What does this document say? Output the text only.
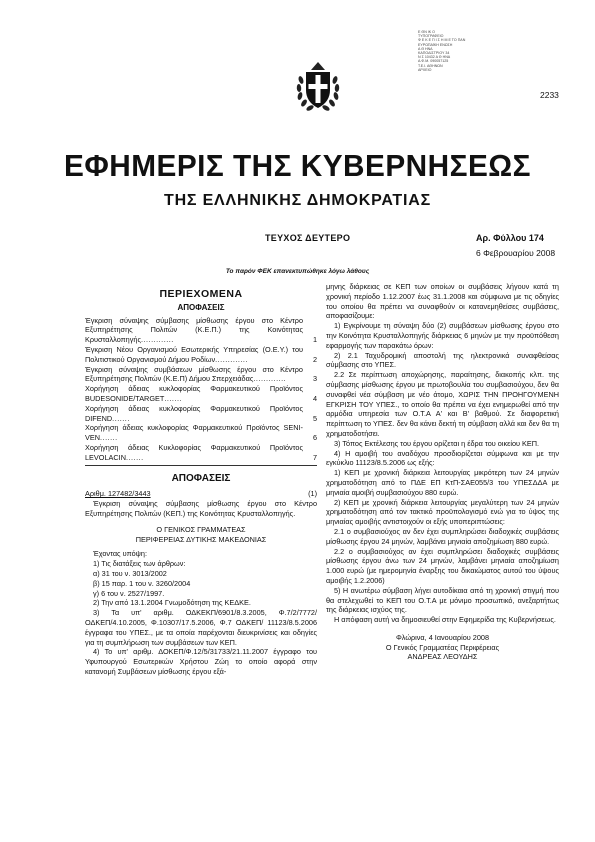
Ε ΘΝ ΙΚ Ο
ΤΥΠΟΓΡΑΦΕΙΟ
Φ Ε Κ Ε Π Ι Σ Η Μ Ε ΤΟ ΠΑΝ
ΕΥΡΩΠΑΪΚΗ ΕΝΩΣΗ
Α Θ ΗΝΑ
ΚΑΠΟΔΙΣΤΡΙΟΥ 34
Ν Σ 10432 Α Θ ΗΝΑ
Α.Φ.Μ. 090057125
Τ.Ε.Ι. ΑΘΗΝΩΝ
ΑΡΧΕΙΟ
2233
ΕΦΗΜΕΡΙΣ ΤΗΣ ΚΥΒΕΡΝΗΣΕΩΣ
ΤΗΣ ΕΛΛΗΝΙΚΗΣ ΔΗΜΟΚΡΑΤΙΑΣ
ΤΕΥΧΟΣ ΔΕΥΤΕΡΟ	Αρ. Φύλλου 174
6 Φεβρουαρίου 2008
Το παρόν ΦΕΚ επανεκτυπώθηκε λόγω λάθους
ΠΕΡΙΕΧΟΜΕΝΑ
ΑΠΟΦΑΣΕΙΣ
Έγκριση σύναψης σύμβασης μίσθωσης έργου στο Κέντρο Εξυπηρέτησης Πολιτών (Κ.Ε.Π.) της Κοινότητας Κρυσταλλοπηγής.............	1
Έγκριση Νέου Οργανισμού Εσωτερικής Υπηρεσίας (Ο.Ε.Υ.) του Πολιτιστικού Οργανισμού Δήμου Ροδίων.............	2
Έγκριση σύναψης συμβάσεων μίσθωσης έργου στο Κέντρο Εξυπηρέτησης Πολιτών (Κ.Ε.Π) Δήμου Σπερχειάδας.............	3
Χορήγηση άδειας κυκλοφορίας Φαρμακευτικού Προϊόντος BUDESONIDE/TARGET.......	4
Χορήγηση άδειας κυκλοφορίας Φαρμακευτικού Προϊόντος DIFEND.......	5
Χορήγηση άδειας κυκλοφορίας Φαρμακευτικού Προϊόντος SENI-VEN.......	6
Χορήγηση άδειας Κυκλοφορίας Φαρμακευτικού Προϊόντος LEVOLACIN.......	7
ΑΠΟΦΑΣΕΙΣ
Αριθμ. 127482/3443	(1)

Έγκριση σύναψης σύμβασης μίσθωσης έργου στο Κέντρο Εξυπηρέτησης Πολιτών (ΚΕΠ.) της Κοινότητας Κρυσταλλοπηγής.

Ο ΓΕΝΙΚΟΣ ΓΡΑΜΜΑΤΕΑΣ
ΠΕΡΙΦΕΡΕΙΑΣ ΔΥΤΙΚΗΣ ΜΑΚΕΔΟΝΙΑΣ

Έχοντας υπόψη:

1) Τις διατάξεις των άρθρων:

α) 31 του ν. 3013/2002

β) 15 παρ. 1 του ν. 3260/2004

γ) 6 του ν. 2527/1997.

2) Την από 13.1.2004 Γνωμοδότηση της ΚΕΔΚΕ.

3) Τα υπ' αριθμ. ΟΔΚΕΚΠ/6901/8.3.2005, Φ.7/2/7772/ ΟΔΚΕΠ/4.10.2005, Φ.10307/17.5.2006, Φ.7 ΟΔΚΕΠ/ 11123/8.5.2006 έγγραφα του ΥΠΕΣ., με τα οποία παρέχονται διευκρινίσεις και οδηγίες για τη συμπλήρωση των συμβάσεων των ΚΕΠ.

4) Το υπ' αριθμ. ΔΟΚΕΠ/Φ.12/5/31733/21.11.2007 έγγραφο του Υφυπουργού Εσωτερικών Χρήστου Ζώη το οποίο αφορά στην κατανομή Συμβάσεων μίσθωσης έργου εξά-

μηνης διάρκειας σε ΚΕΠ των οποίων οι συμβάσεις λήγουν κατά τη χρονική περίοδο 1.12.2007 έως 31.1.2008 και σύμφωνα με τις οδηγίες του οποίου θα πρέπει να συναφθούν οι κατανεμηθείσες συμβάσεις, αποφασίζουμε:

1) Εγκρίνουμε τη σύναψη δύο (2) συμβάσεων μίσθωσης έργου στο την Κοινότητα Κρυσταλλοπηγής διάρκειας 6 μηνών με την προϋπόθεση εφαρμογής των παρακάτω όρων:

2) 2.1 Ταχυδρομική αποστολή της ηλεκτρονικά συναφθείσας σύμβασης στο ΥΠΕΣ.

2.2 Σε περίπτωση αποχώρησης, παραίτησης, διακοπής κλπ. της σύμβασης μίσθωσης έργου με πρωτοβουλία του συμβασιούχου, δεν θα συναφθεί νέα σύμβαση με νέο άτομο, ΧΩΡΙΣ ΤΗΝ ΠΡΟΗΓΟΥΜΕΝΗ ΕΓΚΡΙΣΗ ΤΟΥ ΥΠΕΣ., το οποίο θα πρέπει να έχει ενημερωθεί από την αρμόδια υπηρεσία των Ο.Τ.Α Α' και Β' βαθμού. Σε διαφορετική περίπτωση το ΥΠΕΣ. δεν θα κάνει δεκτή τη σύμβαση αλλά και δεν θα τη χρηματοδοτήσει.

3) Τόπος Εκτέλεσης του έργου ορίζεται η έδρα του οικείου ΚΕΠ.

4) Η αμοιβή του αναδόχου προσδιορίζεται σύμφωνα και με την εγκύκλιο 11123/8.5.2006 ως εξής:

1) ΚΕΠ με χρονική διάρκεια λειτουργίας μικρότερη των 24 μηνών χρηματοδότηση από το ΠΔΕ ΕΠ ΚτΠ-ΣΑΕ055/3 του ΥΠΕΣΔΔΑ με μηνιαία αμοιβή συμβασιούχου 880 ευρώ.

2) ΚΕΠ με χρονική διάρκεια λειτουργίας μεγαλύτερη των 24 μηνών χρηματοδότηση από τον τακτικό προϋπολογισμό ενώ για το ύψος της μηνιαίας αμοιβής αντιστοιχούν οι εξής υποπεριπτώσεις:

2.1 ο συμβασιούχος αν δεν έχει συμπληρώσει διαδοχικές συμβάσεις μίσθωσης έργου 24 μηνών, λαμβάνει μηνιαία αποζημίωση 880 ευρώ.

2.2 ο συμβασιούχος αν έχει συμπληρώσει διαδοχικές συμβάσεις μίσθωσης έργου άνω των 24 μηνών, λαμβάνει μηνιαία αποζημίωση 1.000 ευρώ (με ημερομηνία έναρξης του δικαιώματος αυτού του ύψους αμοιβής 1.2.2006)

5) Η ανωτέρω σύμβαση λήγει αυτοδίκαια από τη χρονική στιγμή που θα στελεχωθεί το ΚΕΠ του Ο.Τ.Α με μόνιμο προσωπικό, ανεξαρτήτως της διάρκειας ισχύος της.

Η απόφαση αυτή να δημοσιευθεί στην Εφημερίδα της Κυβερνήσεως.

Φλώρινα, 4 Ιανουαρίου 2008
Ο Γενικός Γραμματέας Περιφέρειας
ΑΝΔΡΕΑΣ ΛΕΟΥΔΗΣ
